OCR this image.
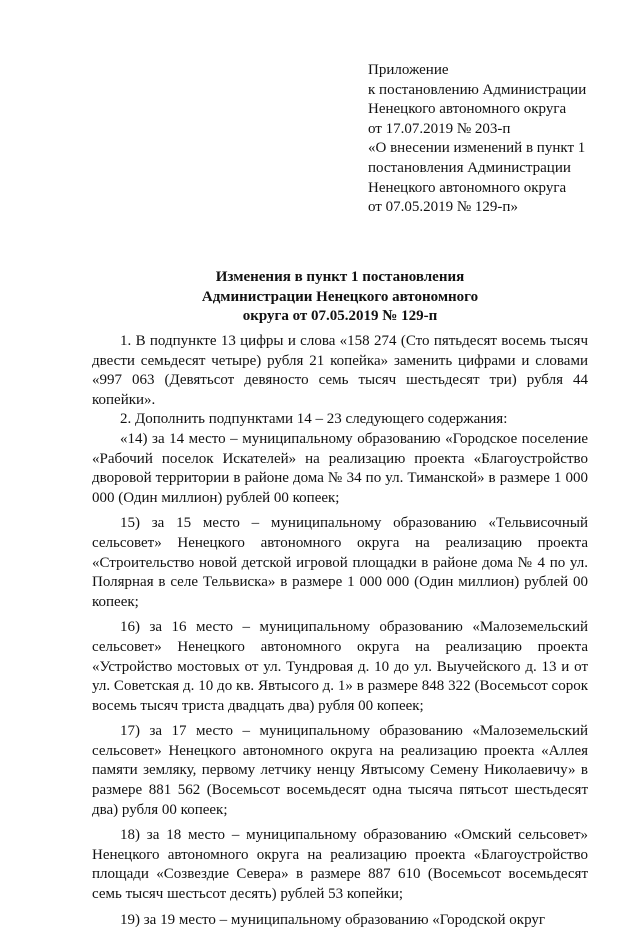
Приложение
к постановлению Администрации
Ненецкого автономного округа
от 17.07.2019 № 203-п
«О внесении изменений в пункт 1
постановления Администрации
Ненецкого автономного округа
от 07.05.2019 № 129-п»
Изменения в пункт 1 постановления
Администрации Ненецкого автономного
округа от 07.05.2019 № 129-п

1. В подпункте 13 цифры и слова «158 274 (Сто пятьдесят восемь тысяч двести семьдесят четыре) рубля 21 копейка» заменить цифрами и словами «997 063 (Девятьсот девяносто семь тысяч шестьдесят три) рубля 44 копейки».

2. Дополнить подпунктами 14 – 23 следующего содержания:

«14) за 14 место – муниципальному образованию «Городское поселение «Рабочий поселок Искателей» на реализацию проекта «Благоустройство дворовой территории в районе дома № 34 по ул. Тиманской» в размере 1 000 000 (Один миллион) рублей 00 копеек;

15) за 15 место – муниципальному образованию «Тельвисочный сельсовет» Ненецкого автономного округа на реализацию проекта «Строительство новой детской игровой площадки в районе дома № 4 по ул. Полярная в селе Тельвиска» в размере 1 000 000 (Один миллион) рублей 00 копеек;

16) за 16 место – муниципальному образованию «Малоземельский сельсовет» Ненецкого автономного округа на реализацию проекта «Устройство мостовых от ул. Тундровая д. 10 до ул. Выучейского д. 13 и от ул. Советская д. 10 до кв. Явтысого д. 1» в размере 848 322 (Восемьсот сорок восемь тысяч триста двадцать два) рубля 00 копеек;

17) за 17 место – муниципальному образованию «Малоземельский сельсовет» Ненецкого автономного округа на реализацию проекта «Аллея памяти земляку, первому летчику ненцу Явтысому Семену Николаевичу» в размере 881 562 (Восемьсот восемьдесят одна тысяча пятьсот шестьдесят два) рубля 00 копеек;

18) за 18 место – муниципальному образованию «Омский сельсовет» Ненецкого автономного округа на реализацию проекта «Благоустройство площади «Созвездие Севера» в размере 887 610 (Восемьсот восемьдесят семь тысяч шестьсот десять) рублей 53 копейки;

19) за 19 место – муниципальному образованию «Городской округ
